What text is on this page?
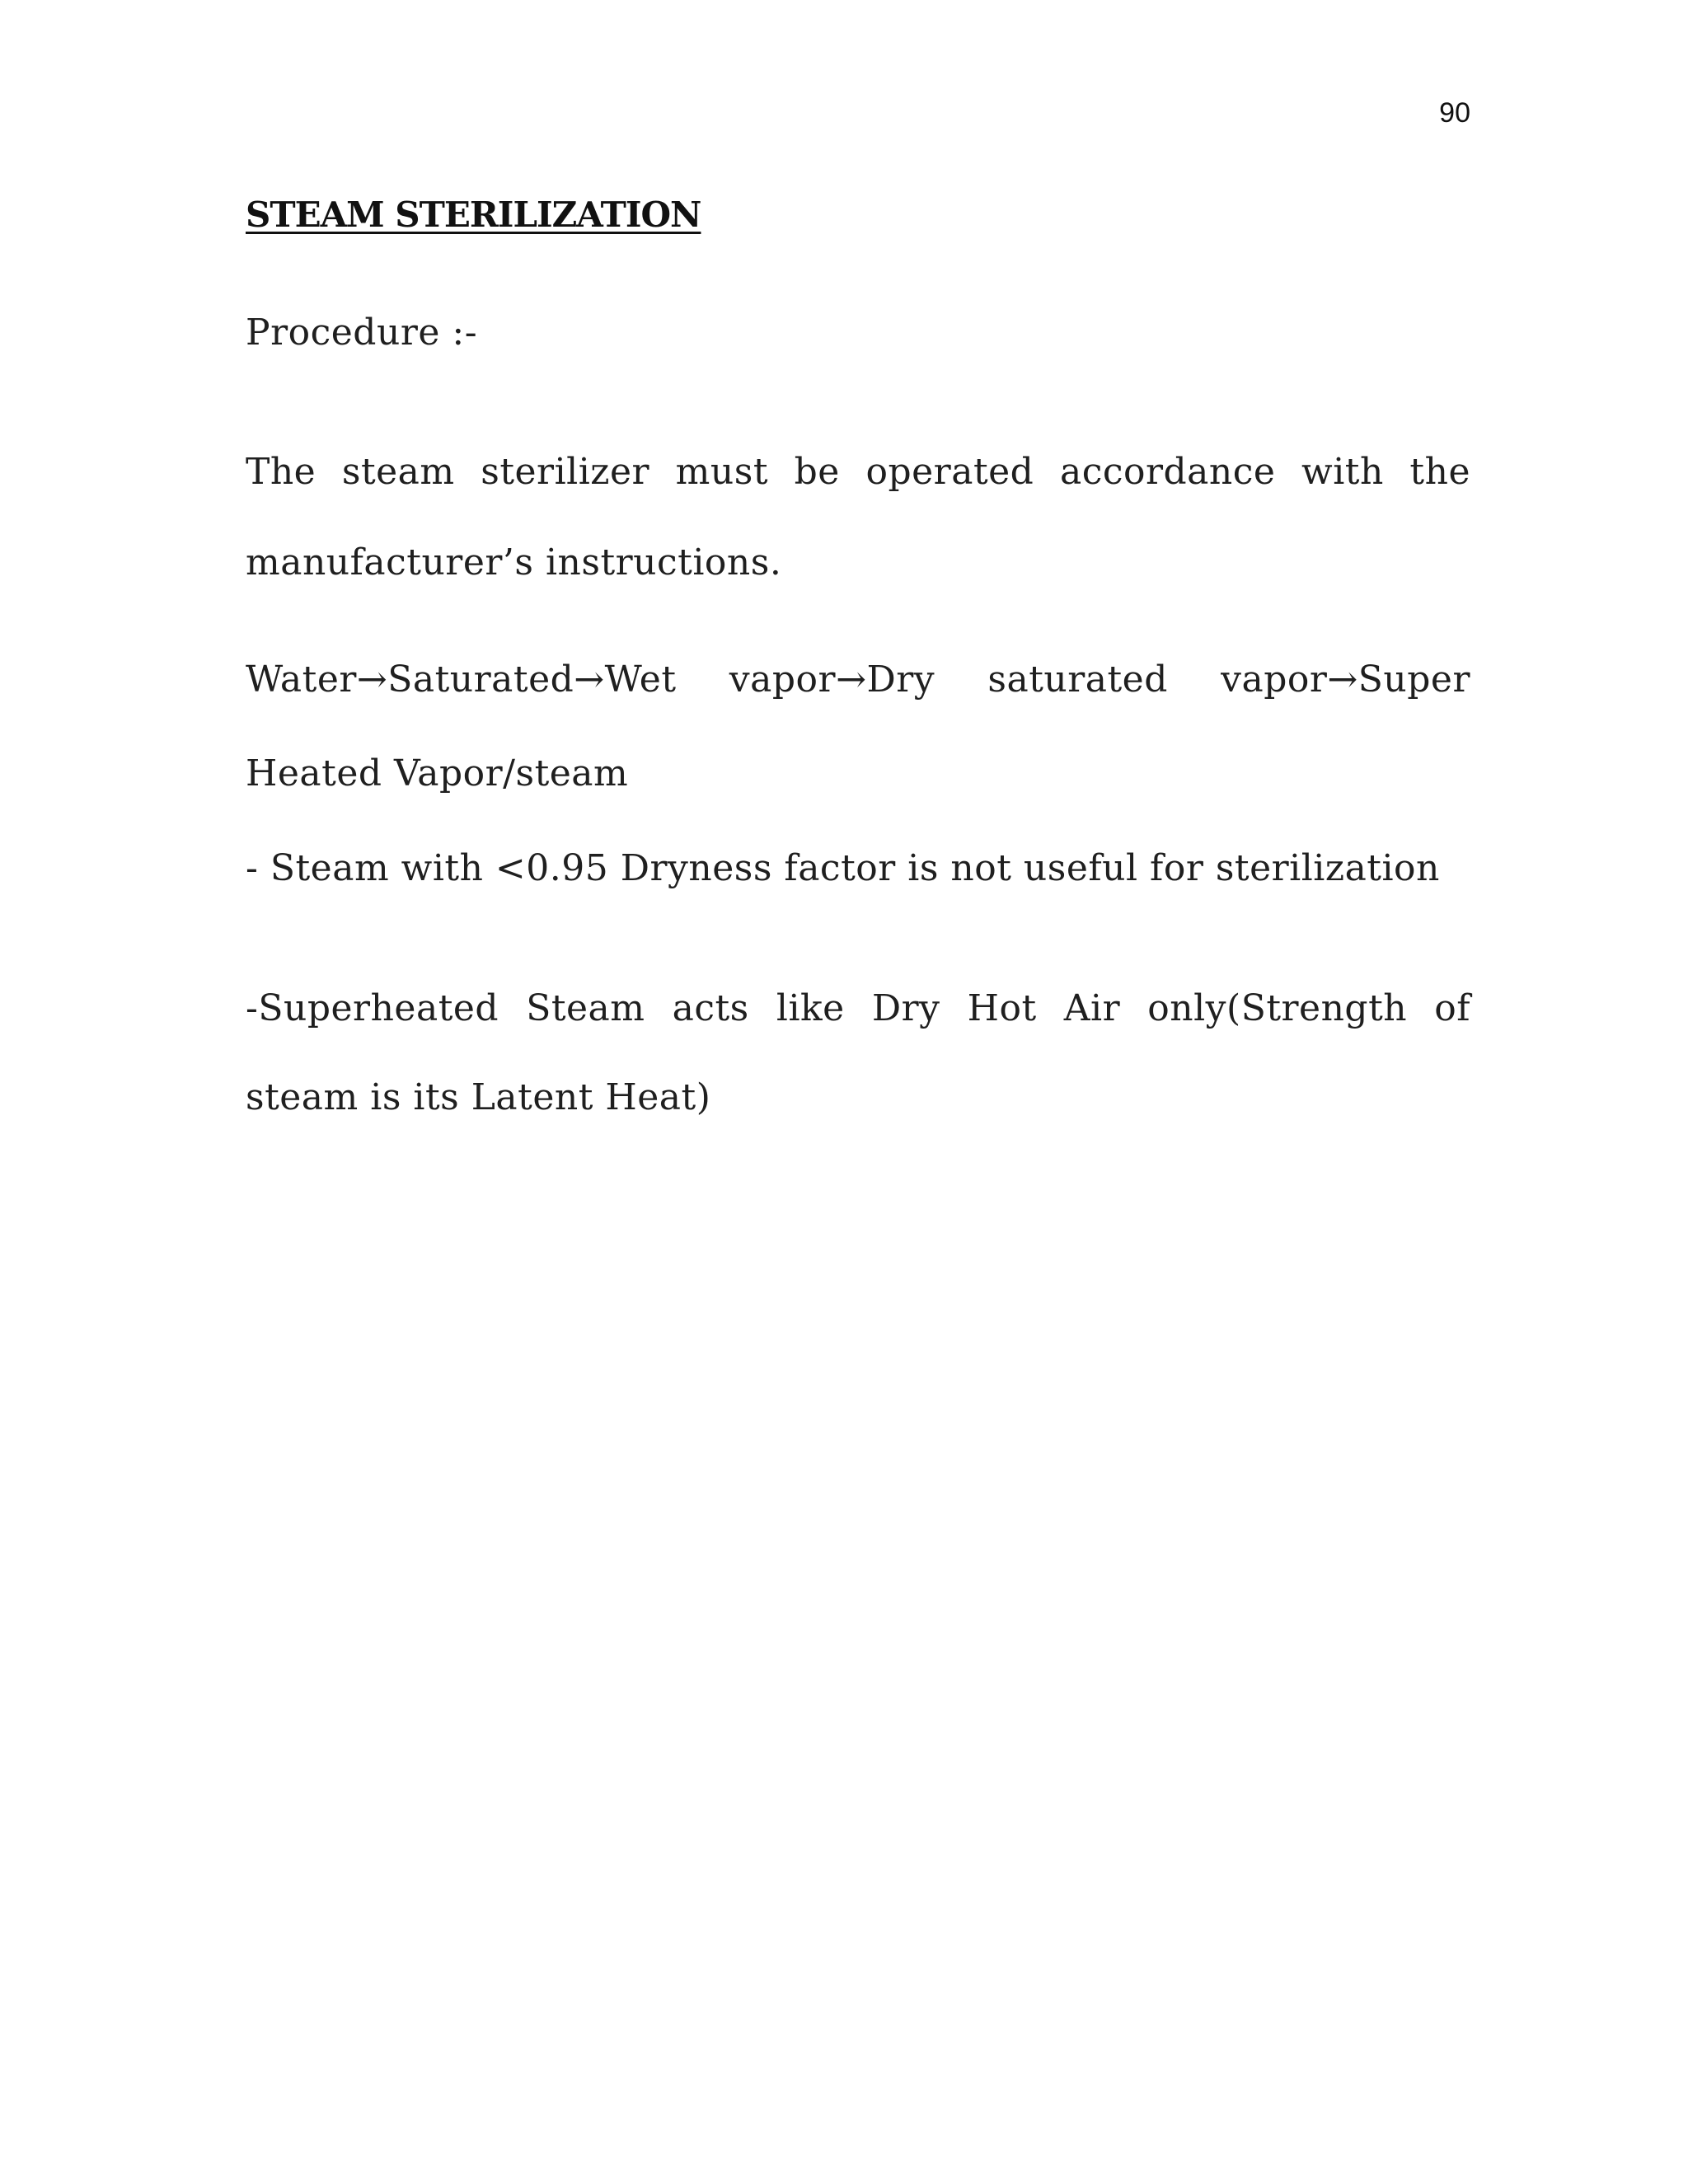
90
STEAM STERILIZATION

Procedure :-

The steam sterilizer must be operated accordance with the manufacturer’s instructions.

Water→Saturated→Wet vapor→Dry saturated vapor→Super Heated Vapor/steam

- Steam with <0.95 Dryness factor is not useful for sterilization

-Superheated Steam acts like Dry Hot Air only(Strength of steam is its Latent Heat)
